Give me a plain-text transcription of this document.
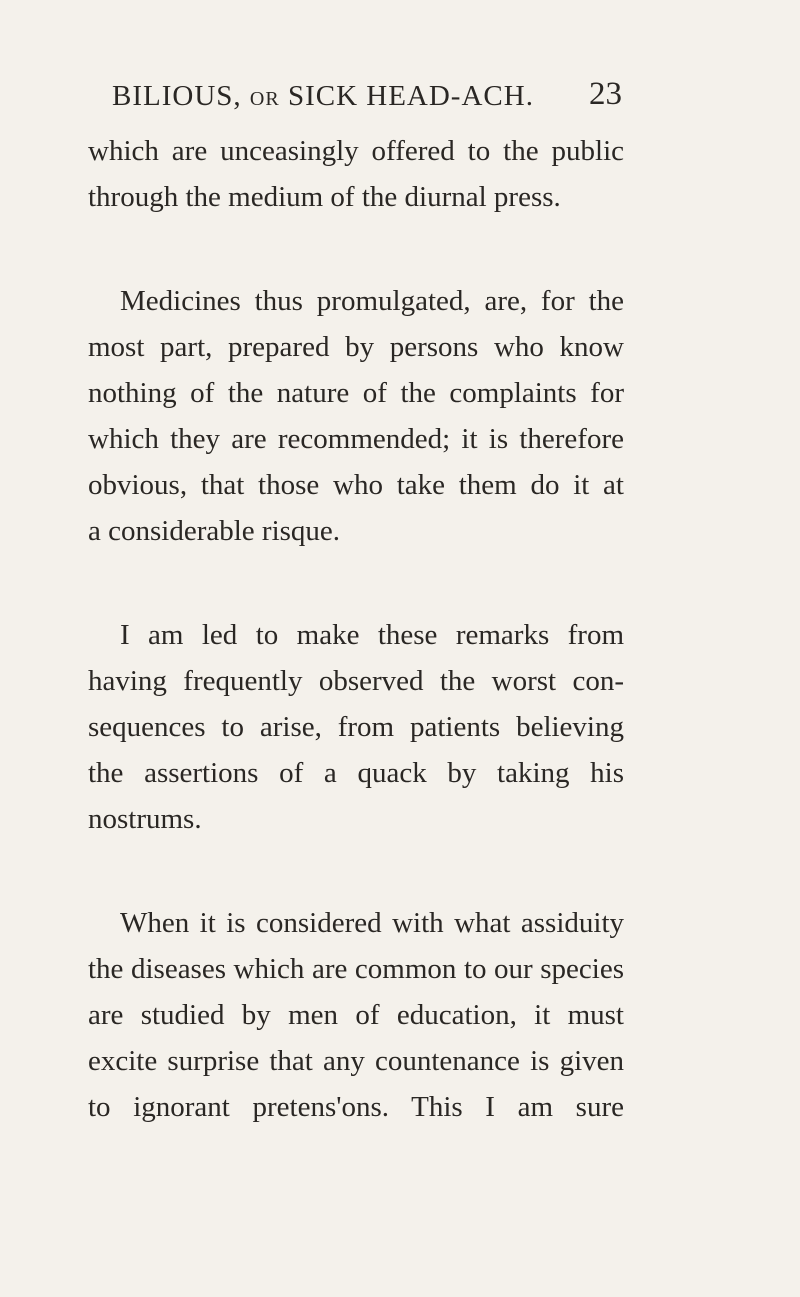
BILIOUS, OR SICK HEAD-ACH. 23
which are unceasingly offered to the public
through the medium of the diurnal press.
Medicines thus promulgated, are, for the
most part, prepared by persons who know
nothing of the nature of the complaints for
which they are recommended; it is therefore
obvious, that those who take them do it at
a considerable risque.
I am led to make these remarks from
having frequently observed the worst con-
sequences to arise, from patients believing
the assertions of a quack by taking his
nostrums.
When it is considered with what assiduity
the diseases which are common to our species
are studied by men of education, it must
excite surprise that any countenance is given
to ignorant pretens'ons. This I am sure
